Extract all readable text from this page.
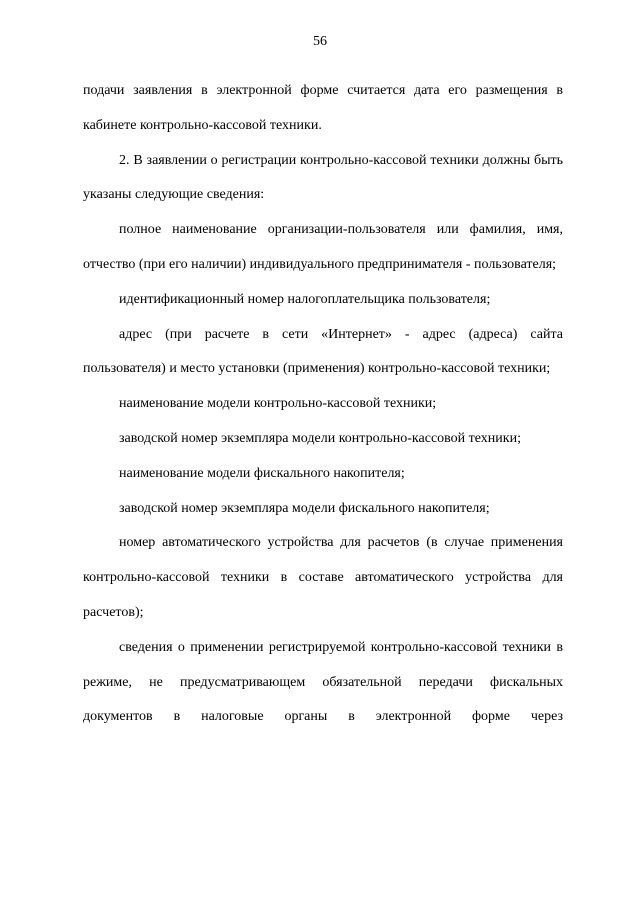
56

подачи заявления в электронной форме считается дата его размещения в кабинете контрольно-кассовой техники.

2. В заявлении о регистрации контрольно-кассовой техники должны быть указаны следующие сведения:

полное наименование организации-пользователя или фамилия, имя, отчество (при его наличии) индивидуального предпринимателя - пользователя;

идентификационный номер налогоплательщика пользователя;

адрес (при расчете в сети «Интернет» - адрес (адреса) сайта пользователя) и место установки (применения) контрольно-кассовой техники;

наименование модели контрольно-кассовой техники;

заводской номер экземпляра модели контрольно-кассовой техники;

наименование модели фискального накопителя;

заводской номер экземпляра модели фискального накопителя;

номер автоматического устройства для расчетов (в случае применения контрольно-кассовой техники в составе автоматического устройства для расчетов);

сведения о применении регистрируемой контрольно-кассовой техники в режиме, не предусматривающем обязательной передачи фискальных документов в налоговые органы в электронной форме через
